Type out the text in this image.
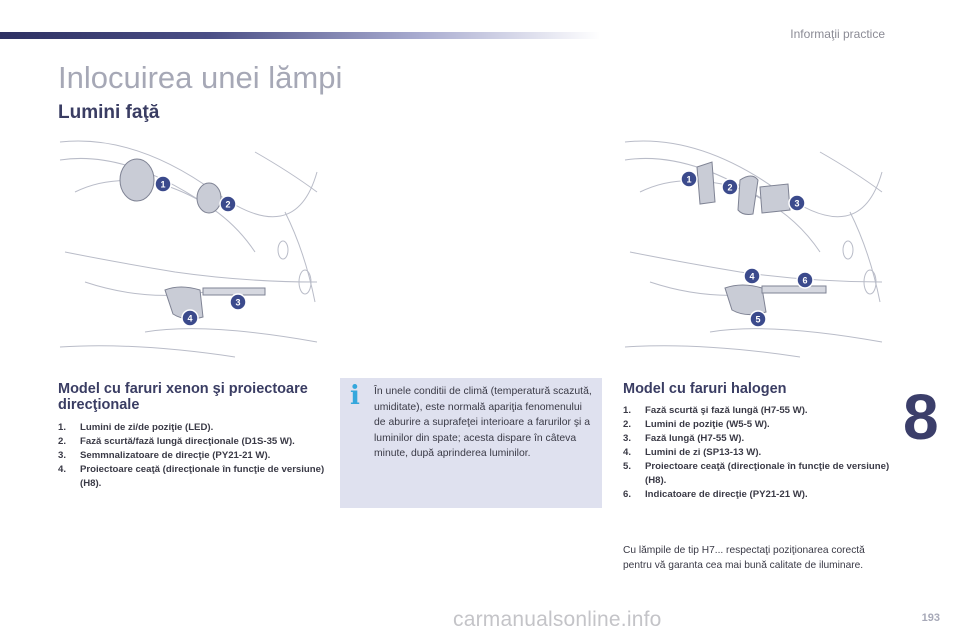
Informaţii practice
Inlocuirea unei lămpi
Lumini faţă
1
2
3
4
1
2
3
4
5
6
Model cu faruri xenon şi proiectoare direcţionale
1.	Lumini de zi/de poziţie (LED).
2.	Fază scurtă/fază lungă direcţionale (D1S-35 W).
3.	Semmnalizatoare de direcţie (PY21-21 W).
4.	Proiectoare ceaţă (direcţionale în funcţie de versiune) (H8).
i	În unele conditii de climă (temperatură scazută, umiditate), este normală apariţia fenomenului de aburire a suprafeţei interioare a farurilor şi a luminilor din spate; acesta dispare în câteva minute, după aprinderea luminilor.

Model cu faruri halogen
1.	Fază scurtă şi fază lungă (H7-55 W).
2.	Lumini de poziţie (W5-5 W).
3.	Fază lungă (H7-55 W).
4.	Lumini de zi (SP13-13 W).
5.	Proiectoare ceaţă (direcţionale în funcţie de versiune) (H8).
6.	Indicatoare de direcţie (PY21-21 W).

Cu lămpile de tip H7... respectaţi poziţionarea corectă pentru vă garanta cea mai bună calitate de iluminare.

8
193
carmanualsonline.info
